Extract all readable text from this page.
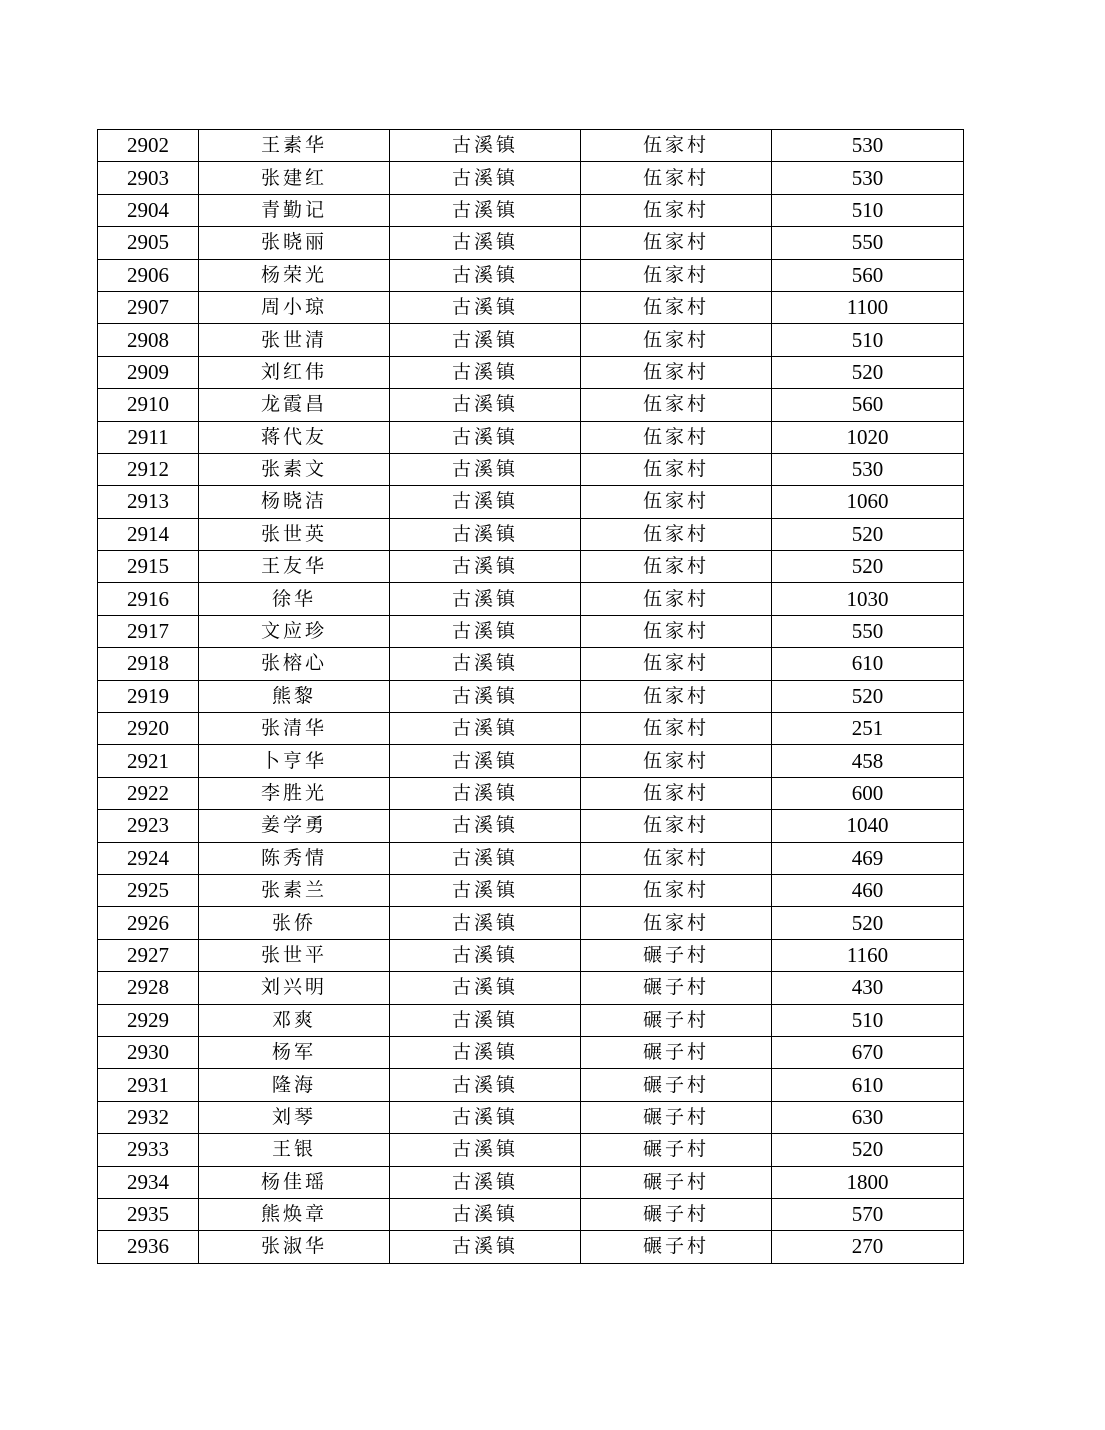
2902	王素华	古溪镇	伍家村	530
2903	张建红	古溪镇	伍家村	530
2904	青勤记	古溪镇	伍家村	510
2905	张晓丽	古溪镇	伍家村	550
2906	杨荣光	古溪镇	伍家村	560
2907	周小琼	古溪镇	伍家村	1100
2908	张世清	古溪镇	伍家村	510
2909	刘红伟	古溪镇	伍家村	520
2910	龙霞昌	古溪镇	伍家村	560
2911	蒋代友	古溪镇	伍家村	1020
2912	张素文	古溪镇	伍家村	530
2913	杨晓洁	古溪镇	伍家村	1060
2914	张世英	古溪镇	伍家村	520
2915	王友华	古溪镇	伍家村	520
2916	徐华	古溪镇	伍家村	1030
2917	文应珍	古溪镇	伍家村	550
2918	张榕心	古溪镇	伍家村	610
2919	熊黎	古溪镇	伍家村	520
2920	张清华	古溪镇	伍家村	251
2921	卜亨华	古溪镇	伍家村	458
2922	李胜光	古溪镇	伍家村	600
2923	姜学勇	古溪镇	伍家村	1040
2924	陈秀情	古溪镇	伍家村	469
2925	张素兰	古溪镇	伍家村	460
2926	张侨	古溪镇	伍家村	520
2927	张世平	古溪镇	碾子村	1160
2928	刘兴明	古溪镇	碾子村	430
2929	邓爽	古溪镇	碾子村	510
2930	杨军	古溪镇	碾子村	670
2931	隆海	古溪镇	碾子村	610
2932	刘琴	古溪镇	碾子村	630
2933	王银	古溪镇	碾子村	520
2934	杨佳瑶	古溪镇	碾子村	1800
2935	熊焕章	古溪镇	碾子村	570
2936	张淑华	古溪镇	碾子村	270
